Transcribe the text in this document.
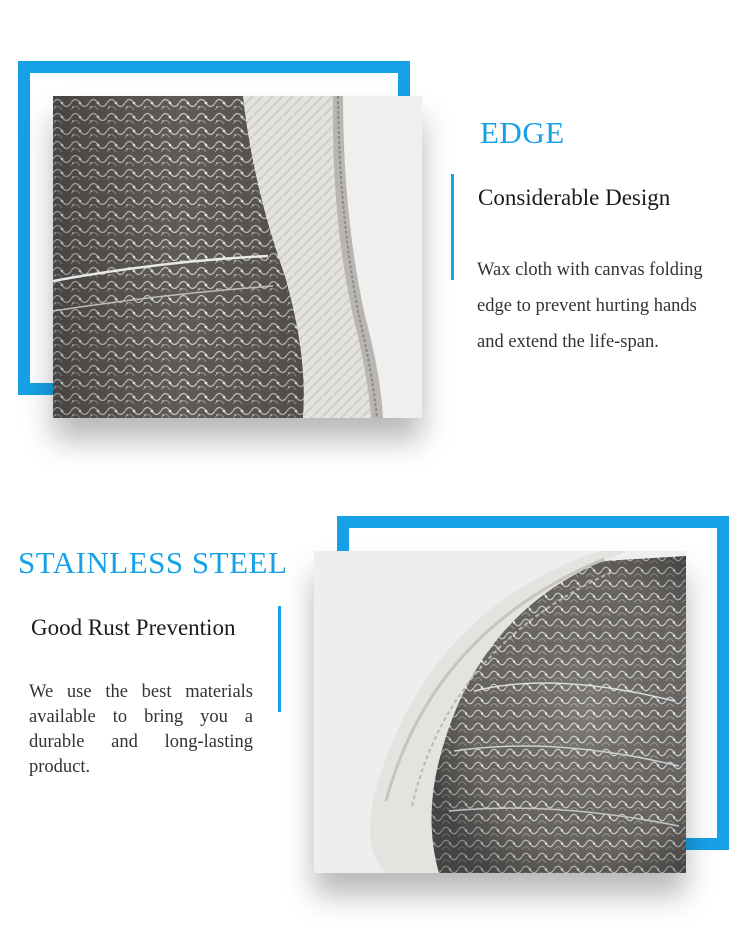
EDGE
Considerable Design

Wax cloth with canvas folding
edge to prevent hurting hands
and extend the life-span.

STAINLESS STEEL
Good Rust Prevention

We use the best materials available to bring you a durable and long-lasting product.
